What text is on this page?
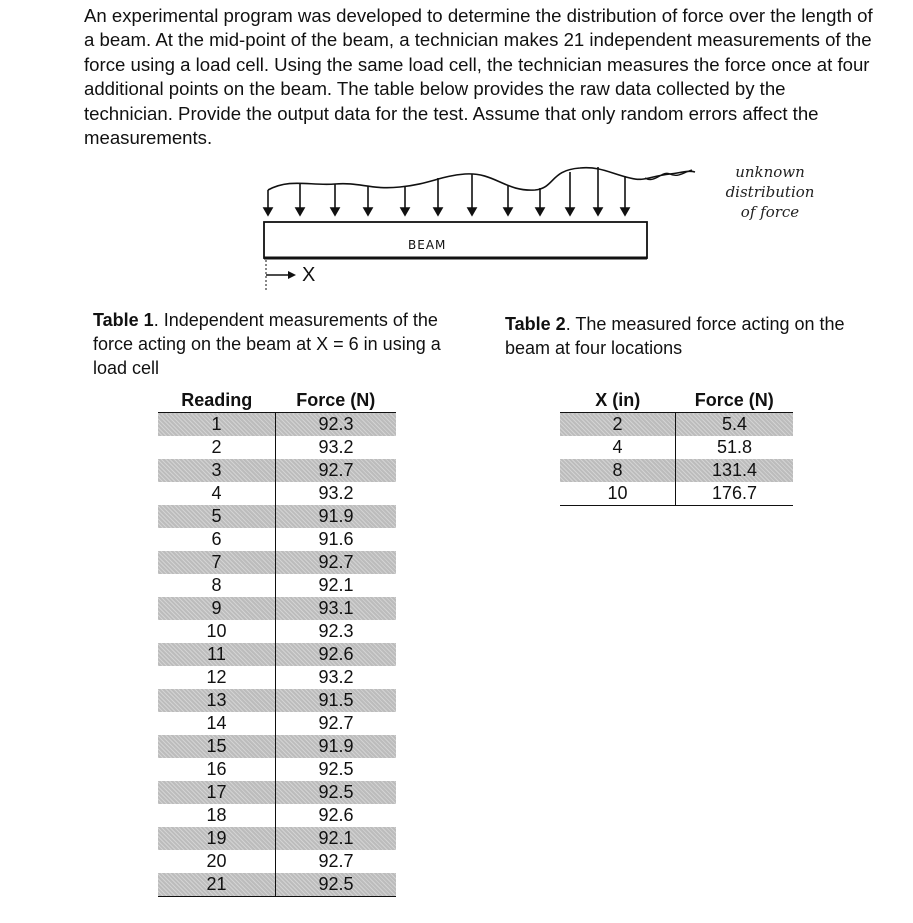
An experimental program was developed to determine the distribution of force over the length of a beam. At the mid-point of the beam, a technician makes 21 independent measurements of the force using a load cell. Using the same load cell, the technician measures the force once at four additional points on the beam. The table below provides the raw data collected by the technician. Provide the output data for the test. Assume that only random errors affect the measurements.

BEAM
X
unknown
distribution
of force
Table 1. Independent measurements of the force acting on the beam at X = 6 in using a load cell
Table 2. The measured force acting on the beam at four locations
Reading	Force (N)
1	92.3
2	93.2
3	92.7
4	93.2
5	91.9
6	91.6
7	92.7
8	92.1
9	93.1
10	92.3
11	92.6
12	93.2
13	91.5
14	92.7
15	91.9
16	92.5
17	92.5
18	92.6
19	92.1
20	92.7
21	92.5
X (in)	Force (N)
2	5.4
4	51.8
8	131.4
10	176.7
